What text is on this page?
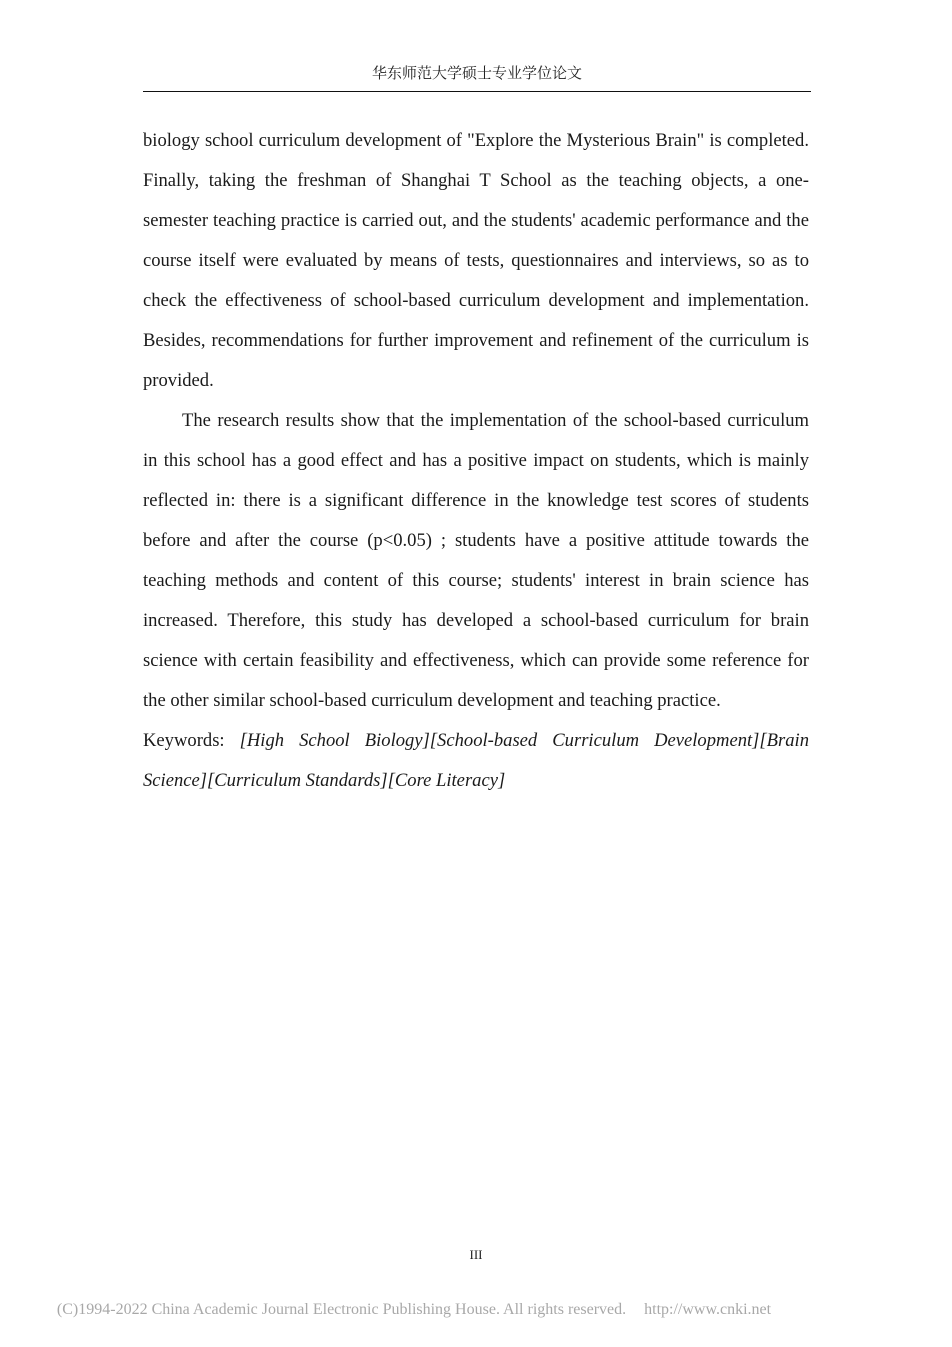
华东师范大学硕士专业学位论文

biology school curriculum development of "Explore the Mysterious Brain" is completed. Finally, taking the freshman of Shanghai T School as the teaching objects, a one-semester teaching practice is carried out, and the students' academic performance and the course itself were evaluated by means of tests, questionnaires and interviews, so as to check the effectiveness of school-based curriculum development and implementation. Besides, recommendations for further improvement and refinement of the curriculum is provided.

The research results show that the implementation of the school-based curriculum in this school has a good effect and has a positive impact on students, which is mainly reflected in: there is a significant difference in the knowledge test scores of students before and after the course (p<0.05) ; students have a positive attitude towards the teaching methods and content of this course; students' interest in brain science has increased. Therefore, this study has developed a school-based curriculum for brain science with certain feasibility and effectiveness, which can provide some reference for the other similar school-based curriculum development and teaching practice.

Keywords: [High School Biology][School-based Curriculum Development][Brain Science][Curriculum Standards][Core Literacy]

III
(C)1994-2022 China Academic Journal Electronic Publishing House. All rights reserved. http://www.cnki.net
